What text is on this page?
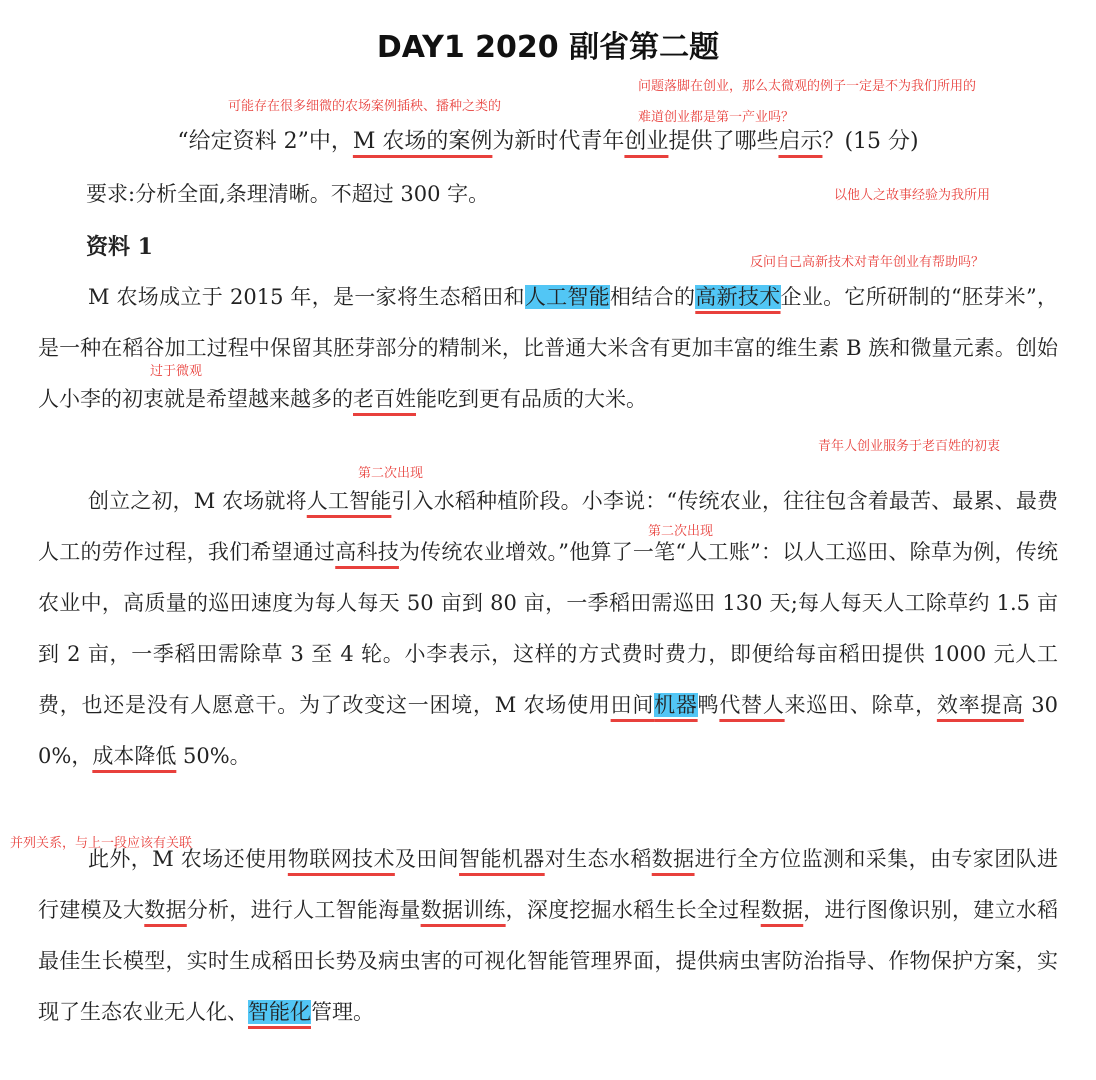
DAY1 2020 副省第二题
可能存在很多细微的农场案例插秧、播种之类的
问题落脚在创业，那么太微观的例子一定是不为我们所用的
难道创业都是第一产业吗？
“给定资料 2”中，M 农场的案例为新时代青年创业提供了哪些启示？(15 分)
以他人之故事经验为我所用
要求:分析全面,条理清晰。不超过 300 字。
资料 1
反问自己高新技术对青年创业有帮助吗？

M 农场成立于 2015 年，是一家将生态稻田和人工智能相结合的高新技术企业。它所研制的“胚芽米”，是一种在稻谷加工过程中保留其胚芽部分的精制米，比普通大米含有更加丰富的维生素 B 族和微量元素。创始人小李的初衷就是希望越来越多的老百姓能吃到更有品质的大米。

过于微观
青年人创业服务于老百姓的初衷
第二次出现

创立之初，M 农场就将人工智能引入水稻种植阶段。小李说：“传统农业，往往包含着最苦、最累、最费人工的劳作过程，我们希望通过高科技为传统农业增效。”他算了一笔“人工账”：以人工巡田、除草为例，传统农业中，高质量的巡田速度为每人每天 50 亩到 80 亩，一季稻田需巡田 130 天;每人每天人工除草约 1.5 亩到 2 亩，一季稻田需除草 3 至 4 轮。小李表示，这样的方式费时费力，即便给每亩稻田提供 1000 元人工费，也还是没有人愿意干。为了改变这一困境，M 农场使用田间机器鸭代替人来巡田、除草，效率提高 300%，成本降低 50%。

第二次出现
并列关系，与上一段应该有关联

此外，M 农场还使用物联网技术及田间智能机器对生态水稻数据进行全方位监测和采集，由专家团队进行建模及大数据分析，进行人工智能海量数据训练，深度挖掘水稻生长全过程数据，进行图像识别，建立水稻最佳生长模型，实时生成稻田长势及病虫害的可视化智能管理界面，提供病虫害防治指导、作物保护方案，实现了生态农业无人化、智能化管理。
